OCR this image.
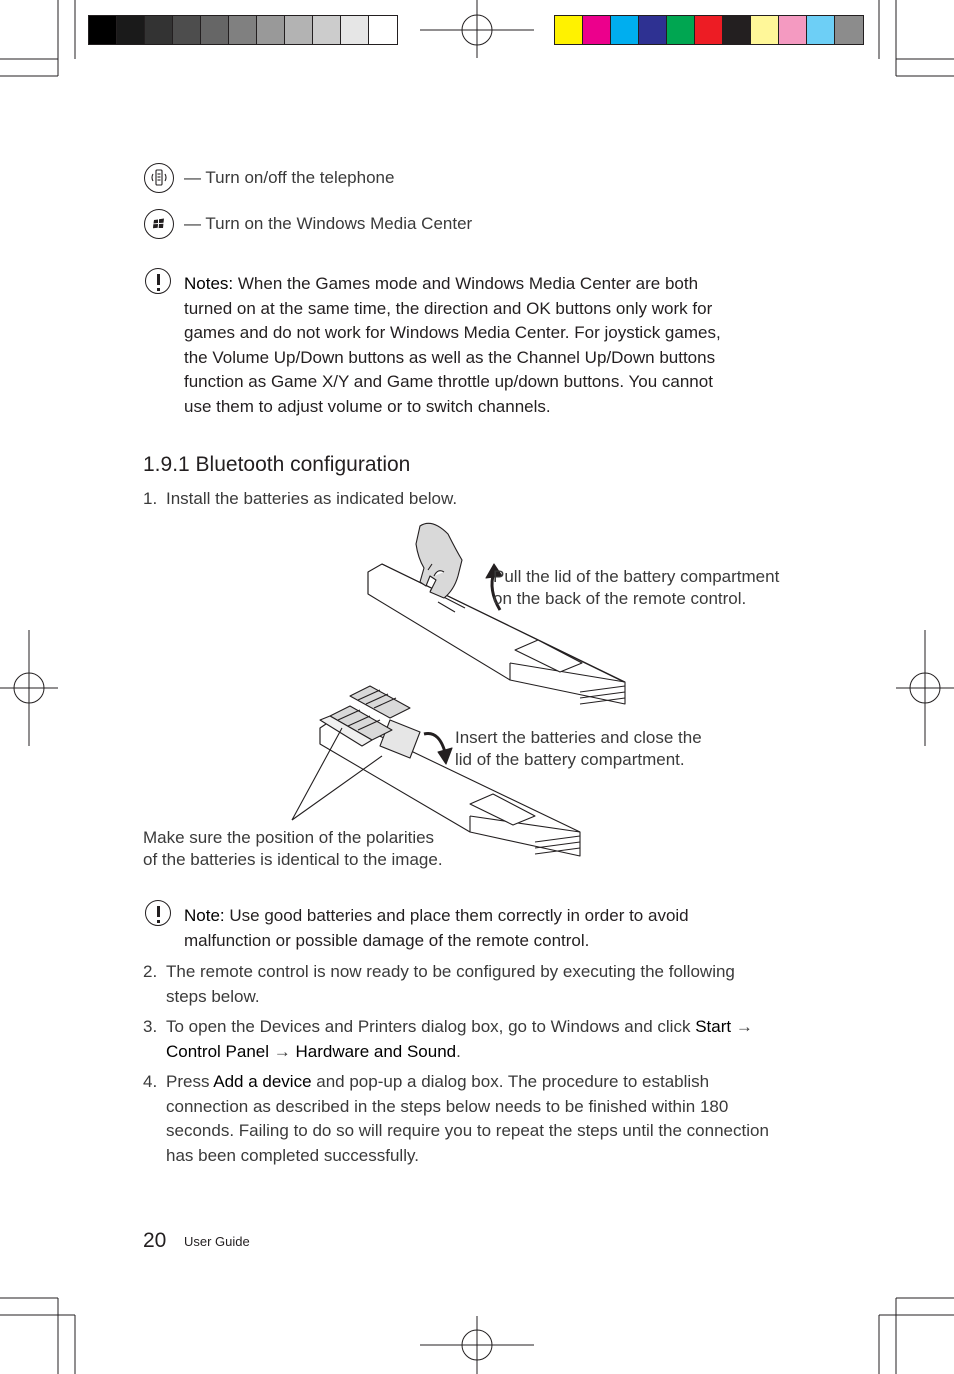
— Turn on/off the telephone
— Turn on the Windows Media Center
Notes: When the Games mode and Windows Media Center are both
turned on at the same time, the direction and OK buttons only work for
games and do not work for Windows Media Center. For joystick games,
the Volume Up/Down buttons as well as the Channel Up/Down buttons
function as Game X/Y and Game throttle up/down buttons. You cannot
use them to adjust volume or to switch channels.
1.9.1 Bluetooth configuration
1. Install the batteries as indicated below.
Pull the lid of the battery compartment
on the back of the remote control.
Insert the batteries and close the
lid of the battery compartment.
Make sure the position of the polarities
of the batteries is identical to the image.
Note: Use good batteries and place them correctly in order to avoid
malfunction or possible damage of the remote control.
2. The remote control is now ready to be configured by executing the following
steps below.
3. To open the Devices and Printers dialog box, go to Windows and click Start →
Control Panel → Hardware and Sound.
4. Press Add a device and pop-up a dialog box. The procedure to establish
connection as described in the steps below needs to be finished within 180
seconds. Failing to do so will require you to repeat the steps until the connection
has been completed successfully.
20 User Guide
